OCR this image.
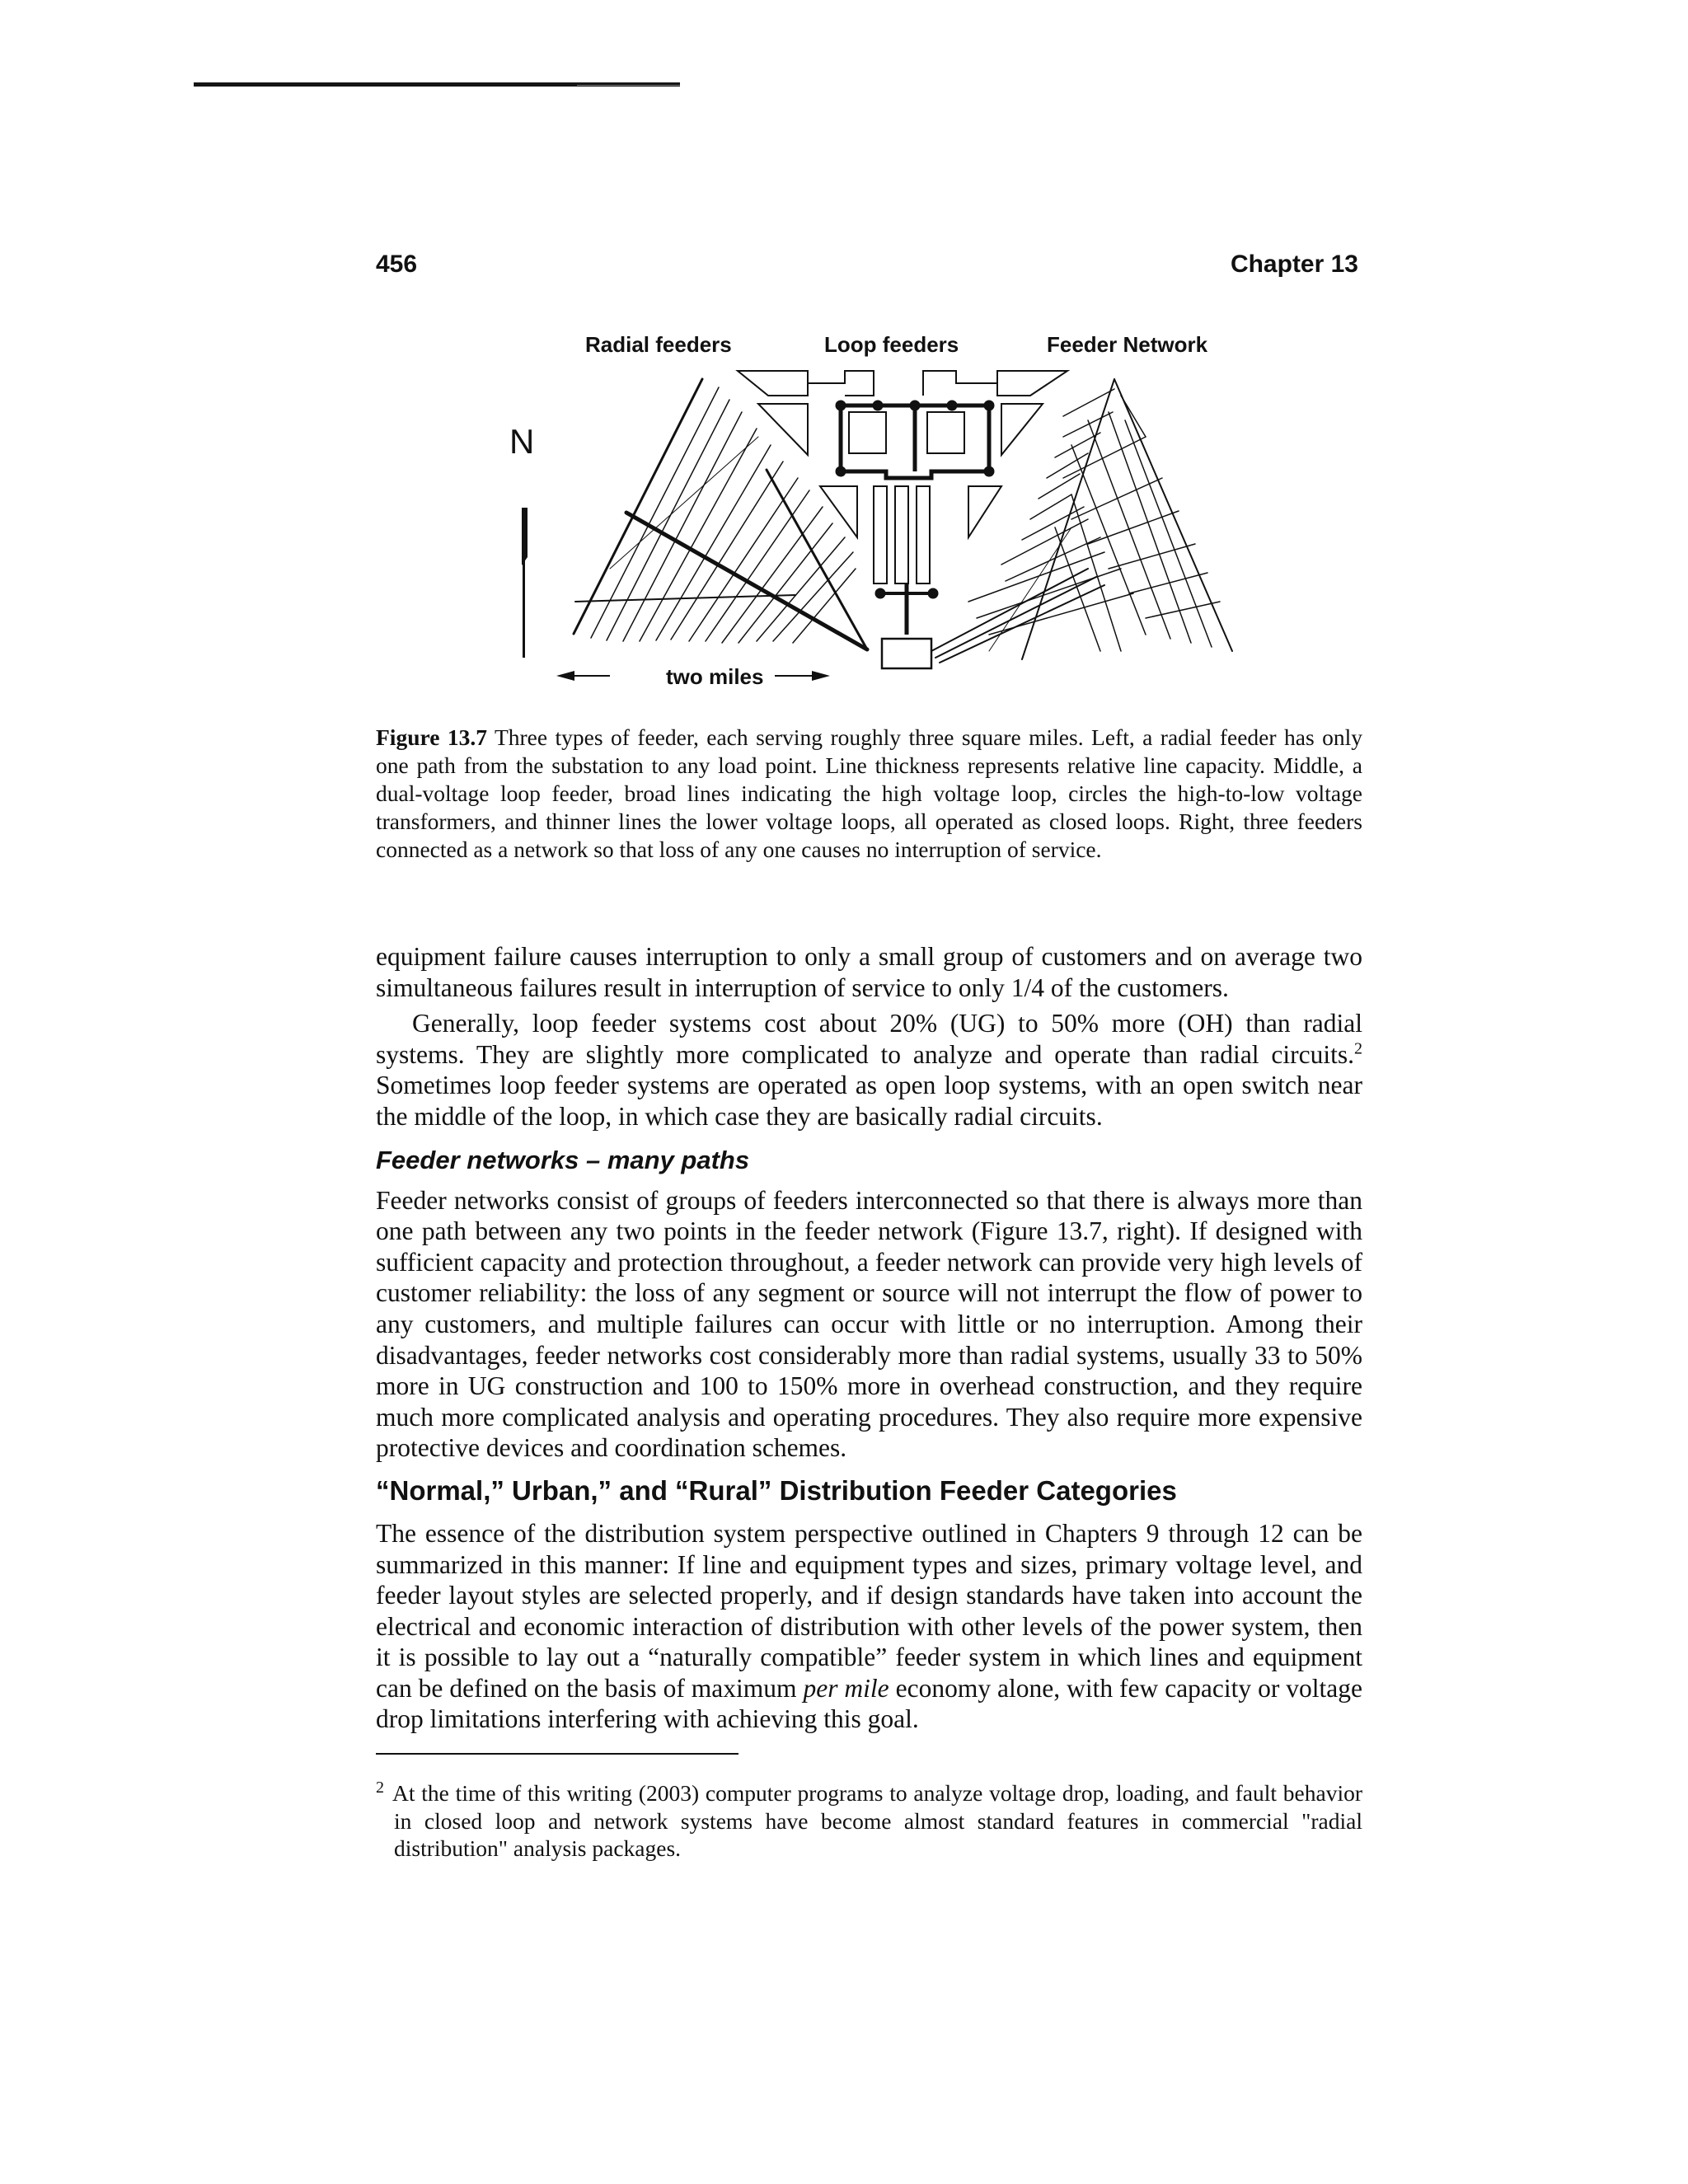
456	Chapter 13
Radial feeders	Loop feeders	Feeder Network
N
two miles
Figure 13.7 Three types of feeder, each serving roughly three square miles. Left, a radial feeder has only one path from the substation to any load point. Line thickness represents relative line capacity. Middle, a dual-voltage loop feeder, broad lines indicating the high voltage loop, circles the high-to-low voltage transformers, and thinner lines the lower voltage loops, all operated as closed loops. Right, three feeders connected as a network so that loss of any one causes no interruption of service.

equipment failure causes interruption to only a small group of customers and on average two simultaneous failures result in interruption of service to only 1/4 of the customers.

Generally, loop feeder systems cost about 20% (UG) to 50% more (OH) than radial systems. They are slightly more complicated to analyze and operate than radial circuits.$^2$ Sometimes loop feeder systems are operated as open loop systems, with an open switch near the middle of the loop, in which case they are basically radial circuits.

Feeder networks – many paths

Feeder networks consist of groups of feeders interconnected so that there is always more than one path between any two points in the feeder network (Figure 13.7, right). If designed with sufficient capacity and protection throughout, a feeder network can provide very high levels of customer reliability: the loss of any segment or source will not interrupt the flow of power to any customers, and multiple failures can occur with little or no interruption. Among their disadvantages, feeder networks cost considerably more than radial systems, usually 33 to 50% more in UG construction and 100 to 150% more in overhead construction, and they require much more complicated analysis and operating procedures. They also require more expensive protective devices and coordination schemes.

“Normal,” Urban,” and “Rural” Distribution Feeder Categories

The essence of the distribution system perspective outlined in Chapters 9 through 12 can be summarized in this manner: If line and equipment types and sizes, primary voltage level, and feeder layout styles are selected properly, and if design standards have taken into account the electrical and economic interaction of distribution with other levels of the power system, then it is possible to lay out a “naturally compatible” feeder system in which lines and equipment can be defined on the basis of maximum per mile economy alone, with few capacity or voltage drop limitations interfering with achieving this goal.

$^2$ At the time of this writing (2003) computer programs to analyze voltage drop, loading, and fault behavior in closed loop and network systems have become almost standard features in commercial "radial distribution" analysis packages.
